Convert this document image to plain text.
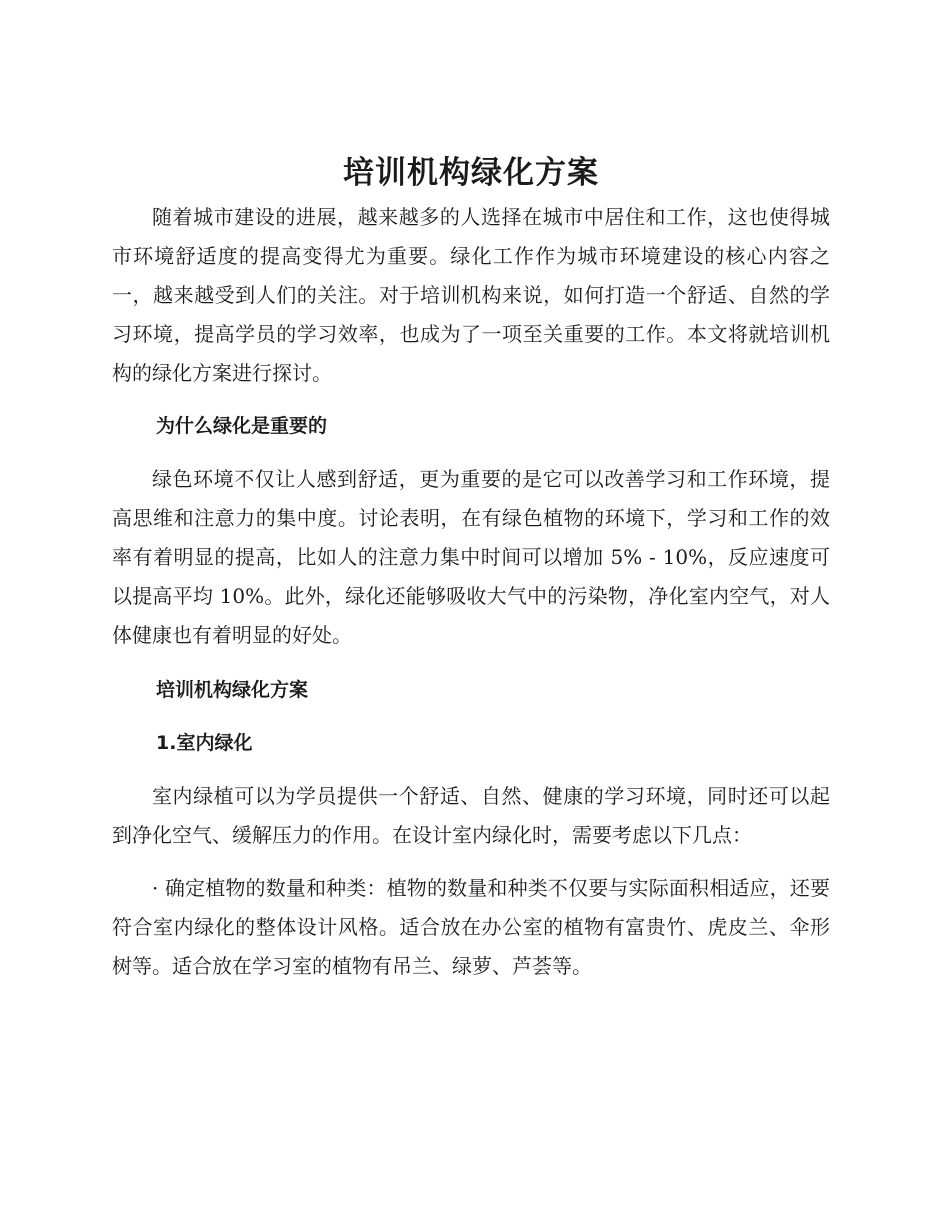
培训机构绿化方案

随着城市建设的进展，越来越多的人选择在城市中居住和工作，这也使得城市环境舒适度的提高变得尤为重要。绿化工作作为城市环境建设的核心内容之一，越来越受到人们的关注。对于培训机构来说，如何打造一个舒适、自然的学习环境，提高学员的学习效率，也成为了一项至关重要的工作。本文将就培训机构的绿化方案进行探讨。

为什么绿化是重要的

绿色环境不仅让人感到舒适，更为重要的是它可以改善学习和工作环境，提高思维和注意力的集中度。讨论表明，在有绿色植物的环境下，学习和工作的效率有着明显的提高，比如人的注意力集中时间可以增加 5% - 10%，反应速度可以提高平均 10%。此外，绿化还能够吸收大气中的污染物，净化室内空气，对人体健康也有着明显的好处。

培训机构绿化方案
1.室内绿化

室内绿植可以为学员提供一个舒适、自然、健康的学习环境，同时还可以起到净化空气、缓解压力的作用。在设计室内绿化时，需要考虑以下几点：

· 确定植物的数量和种类：植物的数量和种类不仅要与实际面积相适应，还要符合室内绿化的整体设计风格。适合放在办公室的植物有富贵竹、虎皮兰、伞形树等。适合放在学习室的植物有吊兰、绿萝、芦荟等。
